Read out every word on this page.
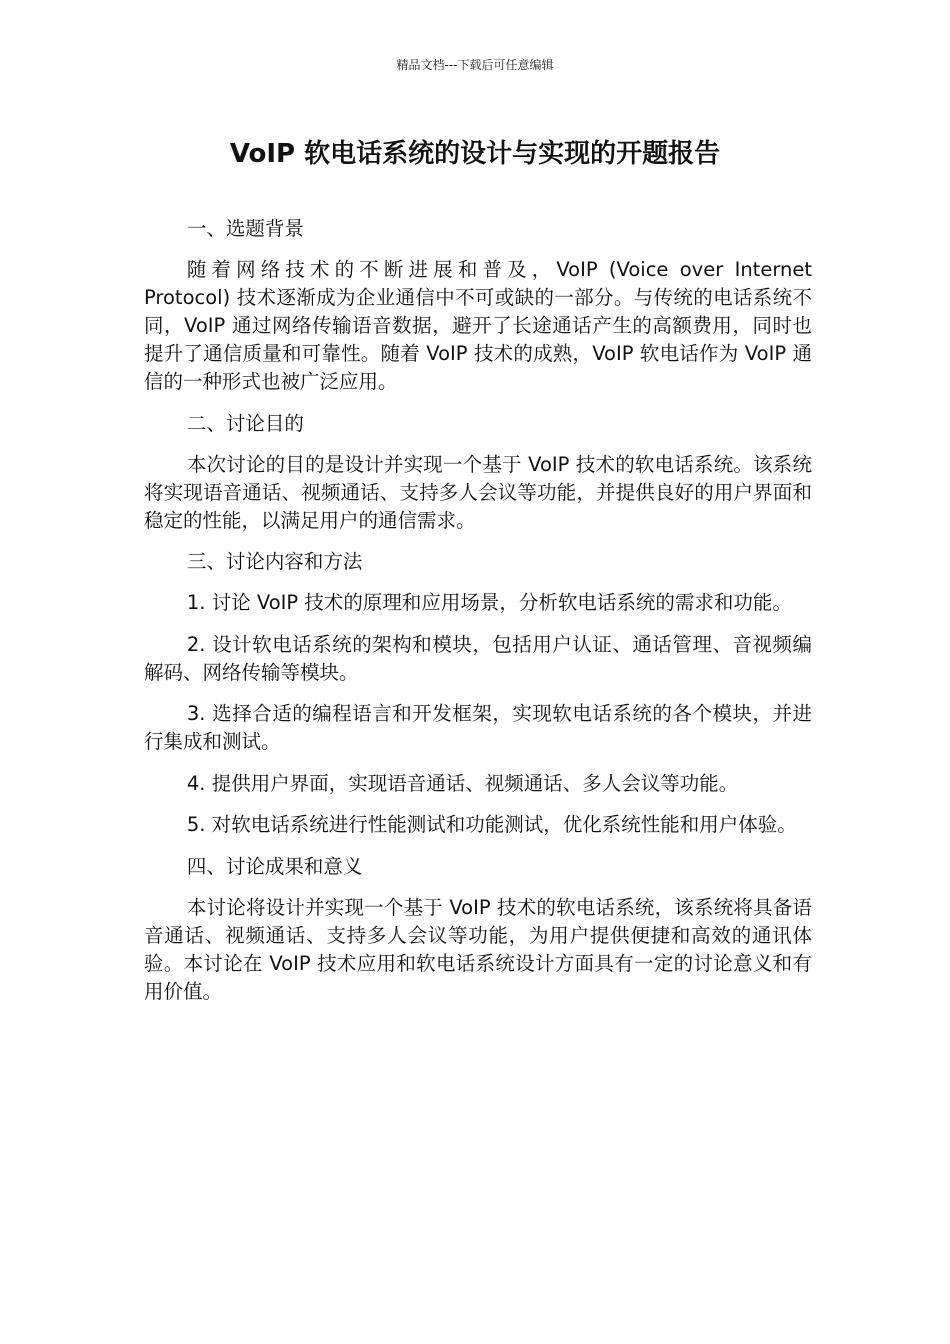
精品文档---下载后可任意编辑
VoIP 软电话系统的设计与实现的开题报告

一、选题背景

随着网络技术的不断进展和普及，VoIP (Voice over Internet Protocol) 技术逐渐成为企业通信中不可或缺的一部分。与传统的电话系统不同，VoIP 通过网络传输语音数据，避开了长途通话产生的高额费用，同时也提升了通信质量和可靠性。随着 VoIP 技术的成熟，VoIP 软电话作为 VoIP 通信的一种形式也被广泛应用。

二、讨论目的

本次讨论的目的是设计并实现一个基于 VoIP 技术的软电话系统。该系统将实现语音通话、视频通话、支持多人会议等功能，并提供良好的用户界面和稳定的性能，以满足用户的通信需求。

三、讨论内容和方法

1. 讨论 VoIP 技术的原理和应用场景，分析软电话系统的需求和功能。

2. 设计软电话系统的架构和模块，包括用户认证、通话管理、音视频编解码、网络传输等模块。

3. 选择合适的编程语言和开发框架，实现软电话系统的各个模块，并进行集成和测试。

4. 提供用户界面，实现语音通话、视频通话、多人会议等功能。

5. 对软电话系统进行性能测试和功能测试，优化系统性能和用户体验。

四、讨论成果和意义

本讨论将设计并实现一个基于 VoIP 技术的软电话系统，该系统将具备语音通话、视频通话、支持多人会议等功能，为用户提供便捷和高效的通讯体验。本讨论在 VoIP 技术应用和软电话系统设计方面具有一定的讨论意义和有用价值。
